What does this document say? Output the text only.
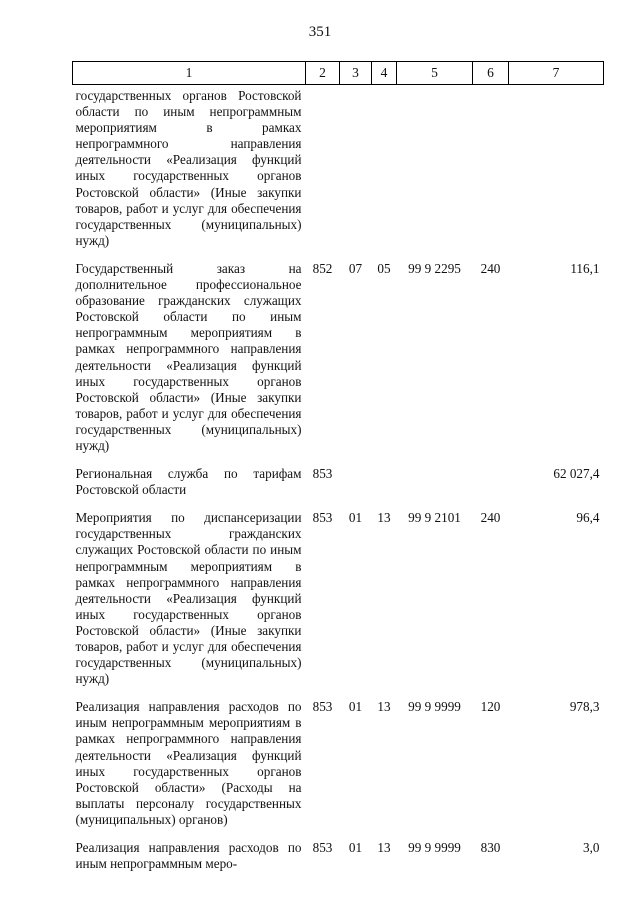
351
1	2	3	4	5	6	7
государственных органов Ростовской области по иным непрограммным мероприятиям в рамках непрограммного направления деятельности «Реализация функций иных государственных органов Ростовской области» (Иные закупки товаров, работ и услуг для обеспечения государственных (муниципальных) нужд)						
Государственный заказ на дополнительное профессиональное образование гражданских служащих Ростовской области по иным непрограммным мероприятиям в рамках непрограммного направления деятельности «Реализация функций иных государственных органов Ростовской области» (Иные закупки товаров, работ и услуг для обеспечения государственных (муниципальных) нужд)	852	07	05	99 9 2295	240	116,1
Региональная служба по тарифам Ростовской области	853					62 027,4
Мероприятия по диспансеризации государственных гражданских служащих Ростовской области по иным непрограммным мероприятиям в рамках непрограммного направления деятельности «Реализация функций иных государственных органов Ростовской области» (Иные закупки товаров, работ и услуг для обеспечения государственных (муниципальных) нужд)	853	01	13	99 9 2101	240	96,4
Реализация направления расходов по иным непрограммным мероприятиям в рамках непрограммного направления деятельности «Реализация функций иных государственных органов Ростовской области» (Расходы на выплаты персоналу государственных (муниципальных) органов)	853	01	13	99 9 9999	120	978,3
Реализация направления расходов по иным непрограммным меро-	853	01	13	99 9 9999	830	3,0
